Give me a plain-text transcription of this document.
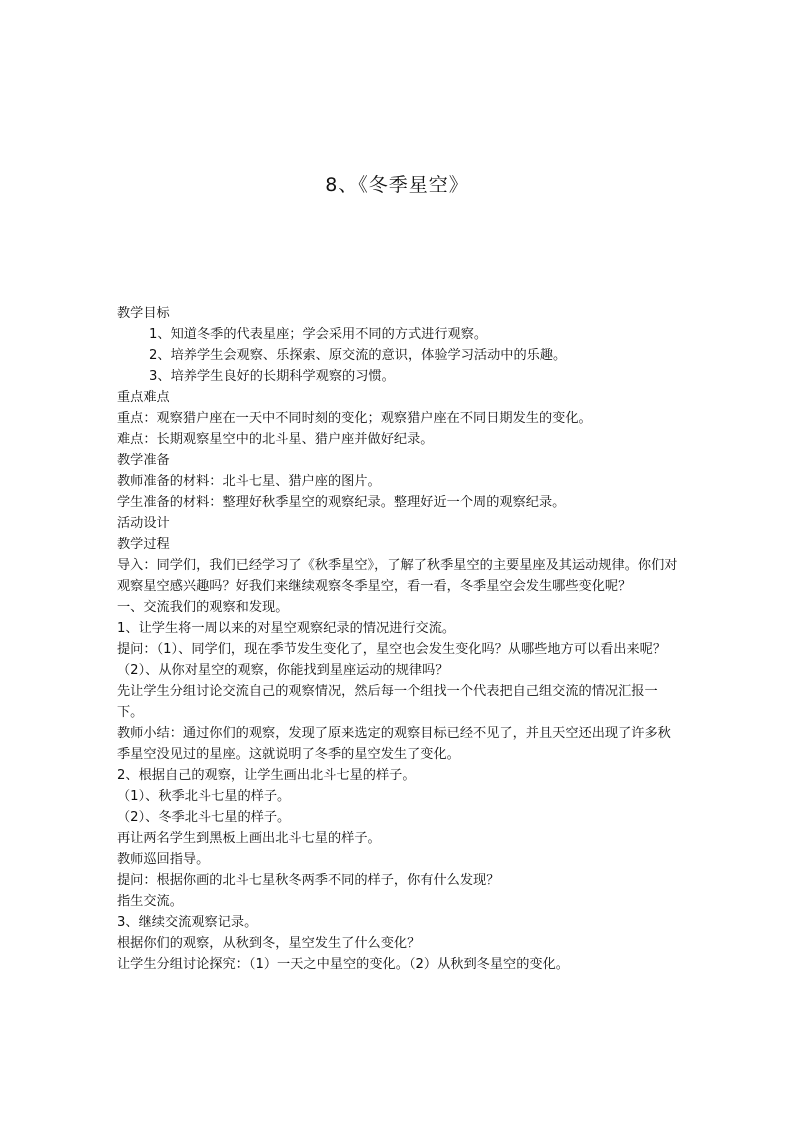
8、《冬季星空》

教学目标

1、知道冬季的代表星座；学会采用不同的方式进行观察。

2、培养学生会观察、乐探索、原交流的意识，体验学习活动中的乐趣。

3、培养学生良好的长期科学观察的习惯。

重点难点

重点：观察猎户座在一天中不同时刻的变化；观察猎户座在不同日期发生的变化。

难点：长期观察星空中的北斗星、猎户座并做好纪录。

教学准备

教师准备的材料：北斗七星、猎户座的图片。

学生准备的材料：整理好秋季星空的观察纪录。整理好近一个周的观察纪录。

活动设计

教学过程

导入：同学们，我们已经学习了《秋季星空》，了解了秋季星空的主要星座及其运动规律。你们对观察星空感兴趣吗？好我们来继续观察冬季星空，看一看，冬季星空会发生哪些变化呢？

一、交流我们的观察和发现。

1、让学生将一周以来的对星空观察纪录的情况进行交流。

提问：（1）、同学们，现在季节发生变化了，星空也会发生变化吗？从哪些地方可以看出来呢？

（2）、从你对星空的观察，你能找到星座运动的规律吗？

先让学生分组讨论交流自己的观察情况，然后每一个组找一个代表把自己组交流的情况汇报一下。

教师小结：通过你们的观察，发现了原来选定的观察目标已经不见了，并且天空还出现了许多秋季星空没见过的星座。这就说明了冬季的星空发生了变化。

2、根据自己的观察，让学生画出北斗七星的样子。

（1）、秋季北斗七星的样子。

（2）、冬季北斗七星的样子。

再让两名学生到黑板上画出北斗七星的样子。

教师巡回指导。

提问：根据你画的北斗七星秋冬两季不同的样子，你有什么发现？

指生交流。

3、继续交流观察记录。

根据你们的观察，从秋到冬，星空发生了什么变化？

让学生分组讨论探究：（1）一天之中星空的变化。（2）从秋到冬星空的变化。
